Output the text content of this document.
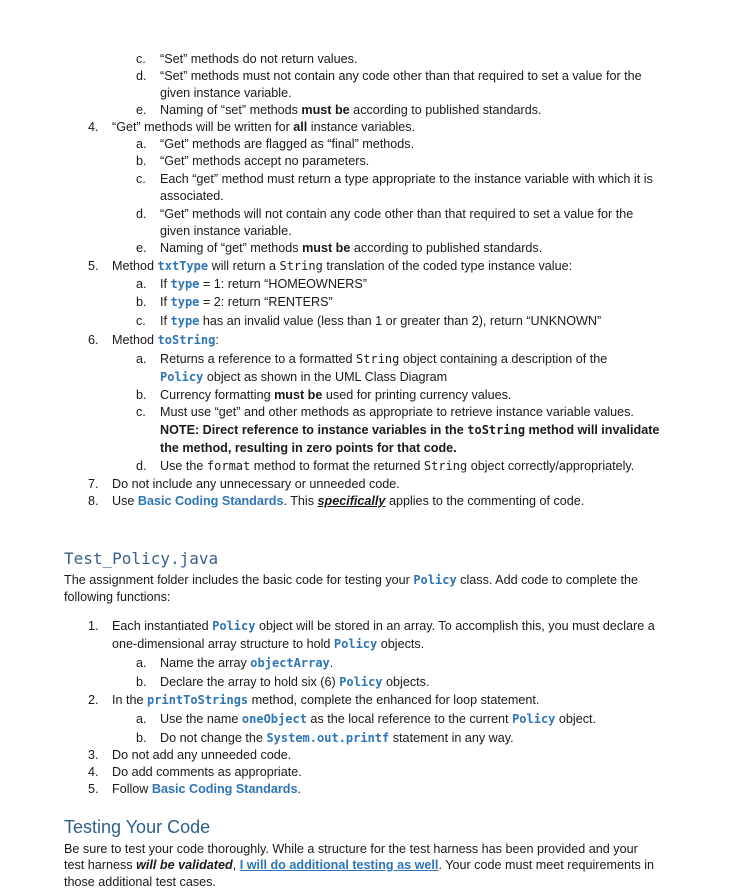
c. “Set” methods do not return values.
d. “Set” methods must not contain any code other than that required to set a value for the
given instance variable.
e. Naming of “set” methods must be according to published standards.
4. “Get” methods will be written for all instance variables.
a. “Get” methods are flagged as “final” methods.
b. “Get” methods accept no parameters.
c. Each “get” method must return a type appropriate to the instance variable with which it is
associated.
d. “Get” methods will not contain any code other than that required to set a value for the
given instance variable.
e. Naming of “get” methods must be according to published standards.
5. Method txtType will return a String translation of the coded type instance value:
a. If type = 1: return “HOMEOWNERS”
b. If type = 2: return “RENTERS”
c. If type has an invalid value (less than 1 or greater than 2), return “UNKNOWN”
6. Method toString:
a. Returns a reference to a formatted String object containing a description of the
Policy object as shown in the UML Class Diagram
b. Currency formatting must be used for printing currency values.
c. Must use “get” and other methods as appropriate to retrieve instance variable values.
NOTE: Direct reference to instance variables in the toString method will invalidate
the method, resulting in zero points for that code.
d. Use the format method to format the returned String object correctly/appropriately.
7. Do not include any unnecessary or unneeded code.
8. Use Basic Coding Standards. This specifically applies to the commenting of code.
Test_Policy.java
The assignment folder includes the basic code for testing your Policy class. Add code to complete the
following functions:
1. Each instantiated Policy object will be stored in an array. To accomplish this, you must declare a
one-dimensional array structure to hold Policy objects.
a. Name the array objectArray.
b. Declare the array to hold six (6) Policy objects.
2. In the printToStrings method, complete the enhanced for loop statement.
a. Use the name oneObject as the local reference to the current Policy object.
b. Do not change the System.out.printf statement in any way.
3. Do not add any unneeded code.
4. Do add comments as appropriate.
5. Follow Basic Coding Standards.
Testing Your Code
Be sure to test your code thoroughly. While a structure for the test harness has been provided and your
test harness will be validated, I will do additional testing as well. Your code must meet requirements in
those additional test cases.
